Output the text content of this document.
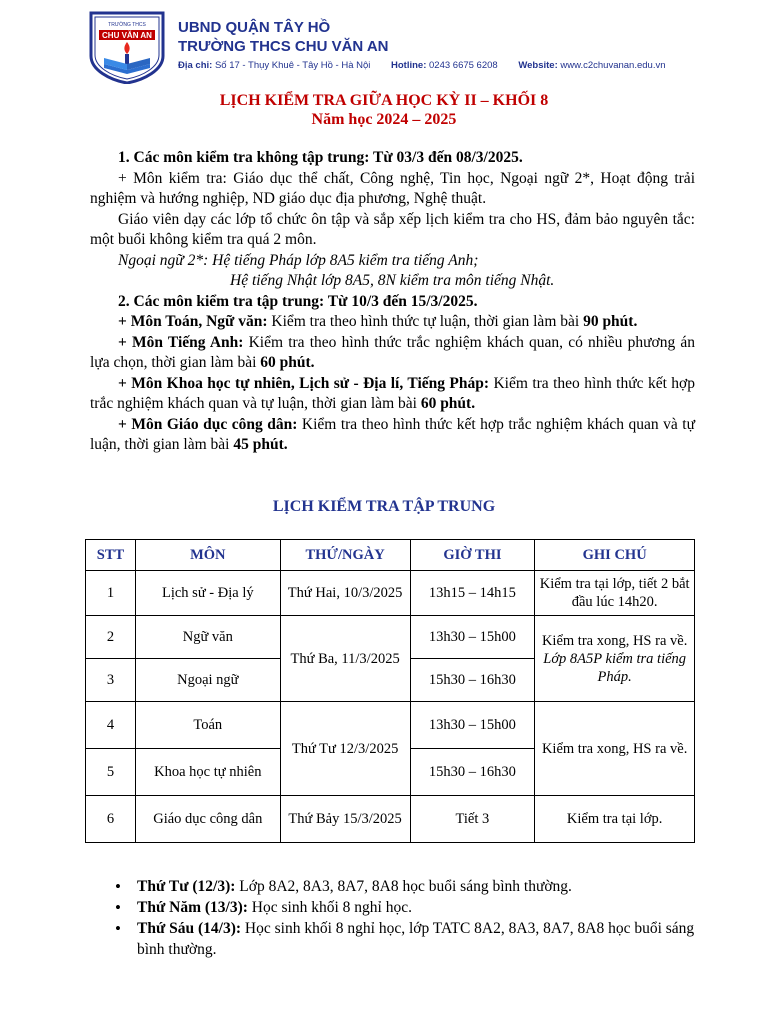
TRƯỜNG THCS
CHU VĂN AN UBND QUẬN TÂY HỒ
TRƯỜNG THCS CHU VĂN AN
Địa chỉ: Số 17 - Thụy Khuê - Tây Hồ - Hà Nội Hotline: 0243 6675 6208 Website: www.c2chuvanan.edu.vn
LỊCH KIỂM TRA GIỮA HỌC KỲ II – KHỐI 8
Năm học 2024 – 2025

1. Các môn kiểm tra không tập trung: Từ 03/3 đến 08/3/2025.

+ Môn kiểm tra: Giáo dục thể chất, Công nghệ, Tin học, Ngoại ngữ 2*, Hoạt động trải nghiệm và hướng nghiệp, ND giáo dục địa phương, Nghệ thuật.

Giáo viên dạy các lớp tổ chức ôn tập và sắp xếp lịch kiểm tra cho HS, đảm bảo nguyên tắc: một buổi không kiểm tra quá 2 môn.

Ngoại ngữ 2*: Hệ tiếng Pháp lớp 8A5 kiểm tra tiếng Anh;

Hệ tiếng Nhật lớp 8A5, 8N kiểm tra môn tiếng Nhật.

2. Các môn kiểm tra tập trung: Từ 10/3 đến 15/3/2025.

+ Môn Toán, Ngữ văn: Kiểm tra theo hình thức tự luận, thời gian làm bài 90 phút.

+ Môn Tiếng Anh: Kiểm tra theo hình thức trắc nghiệm khách quan, có nhiều phương án lựa chọn, thời gian làm bài 60 phút.

+ Môn Khoa học tự nhiên, Lịch sử - Địa lí, Tiếng Pháp: Kiểm tra theo hình thức kết hợp trắc nghiệm khách quan và tự luận, thời gian làm bài 60 phút.

+ Môn Giáo dục công dân: Kiểm tra theo hình thức kết hợp trắc nghiệm khách quan và tự luận, thời gian làm bài 45 phút.

LỊCH KIỂM TRA TẬP TRUNG
STT	MÔN	THỨ/NGÀY	GIỜ THI	GHI CHÚ
1	Lịch sử - Địa lý	Thứ Hai, 10/3/2025	13h15 – 14h15	Kiểm tra tại lớp, tiết 2 bắt đầu lúc 14h20.
2	Ngữ văn	Thứ Ba, 11/3/2025	13h30 – 15h00	Kiểm tra xong, HS ra về.
Lớp 8A5P kiểm tra tiếng Pháp.

3	Ngoại ngữ		15h30 – 16h30	
4	Toán	Thứ Tư 12/3/2025	13h30 – 15h00	Kiểm tra xong, HS ra về.
5	Khoa học tự nhiên		15h30 – 16h30	
6	Giáo dục công dân	Thứ Bảy 15/3/2025	Tiết 3	Kiểm tra tại lớp.
• Thứ Tư (12/3): Lớp 8A2, 8A3, 8A7, 8A8 học buổi sáng bình thường.
• Thứ Năm (13/3): Học sinh khối 8 nghỉ học.
• Thứ Sáu (14/3): Học sinh khối 8 nghỉ học, lớp TATC 8A2, 8A3, 8A7, 8A8 học buổi sáng bình thường.
